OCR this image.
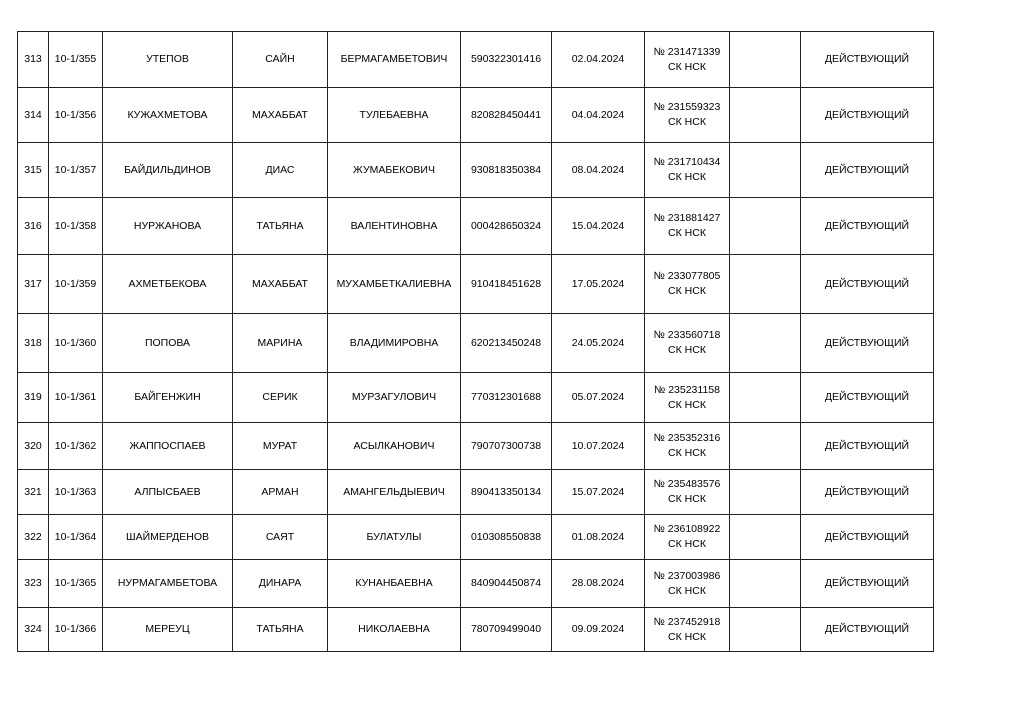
313	10-1/355	УТЕПОВ	САЙН	БЕРМАГАМБЕТОВИЧ	590322301416	02.04.2024	№ 231471339
СК НСК		ДЕЙСТВУЮЩИЙ
314	10-1/356	КУЖАХМЕТОВА	МАХАББАТ	ТУЛЕБАЕВНА	820828450441	04.04.2024	№ 231559323
СК НСК		ДЕЙСТВУЮЩИЙ
315	10-1/357	БАЙДИЛЬДИНОВ	ДИАС	ЖУМАБЕКОВИЧ	930818350384	08.04.2024	№ 231710434
СК НСК		ДЕЙСТВУЮЩИЙ
316	10-1/358	НУРЖАНОВА	ТАТЬЯНА	ВАЛЕНТИНОВНА	000428650324	15.04.2024	№ 231881427
СК НСК		ДЕЙСТВУЮЩИЙ
317	10-1/359	АХМЕТБЕКОВА	МАХАББАТ	МУХАМБЕТКАЛИЕВНА	910418451628	17.05.2024	№ 233077805
СК НСК		ДЕЙСТВУЮЩИЙ
318	10-1/360	ПОПОВА	МАРИНА	ВЛАДИМИРОВНА	620213450248	24.05.2024	№ 233560718
СК НСК		ДЕЙСТВУЮЩИЙ
319	10-1/361	БАЙГЕНЖИН	СЕРИК	МУРЗАГУЛОВИЧ	770312301688	05.07.2024	№ 235231158
СК НСК		ДЕЙСТВУЮЩИЙ
320	10-1/362	ЖАППОСПАЕВ	МУРАТ	АСЫЛКАНОВИЧ	790707300738	10.07.2024	№ 235352316
СК НСК		ДЕЙСТВУЮЩИЙ
321	10-1/363	АЛПЫСБАЕВ	АРМАН	АМАНГЕЛЬДЫЕВИЧ	890413350134	15.07.2024	№ 235483576
СК НСК		ДЕЙСТВУЮЩИЙ
322	10-1/364	ШАЙМЕРДЕНОВ	САЯТ	БУЛАТУЛЫ	010308550838	01.08.2024	№ 236108922
СК НСК		ДЕЙСТВУЮЩИЙ
323	10-1/365	НУРМАГАМБЕТОВА	ДИНАРА	КУНАНБАЕВНА	840904450874	28.08.2024	№ 237003986
СК НСК		ДЕЙСТВУЮЩИЙ
324	10-1/366	МЕРЕУЦ	ТАТЬЯНА	НИКОЛАЕВНА	780709499040	09.09.2024	№ 237452918
СК НСК		ДЕЙСТВУЮЩИЙ
